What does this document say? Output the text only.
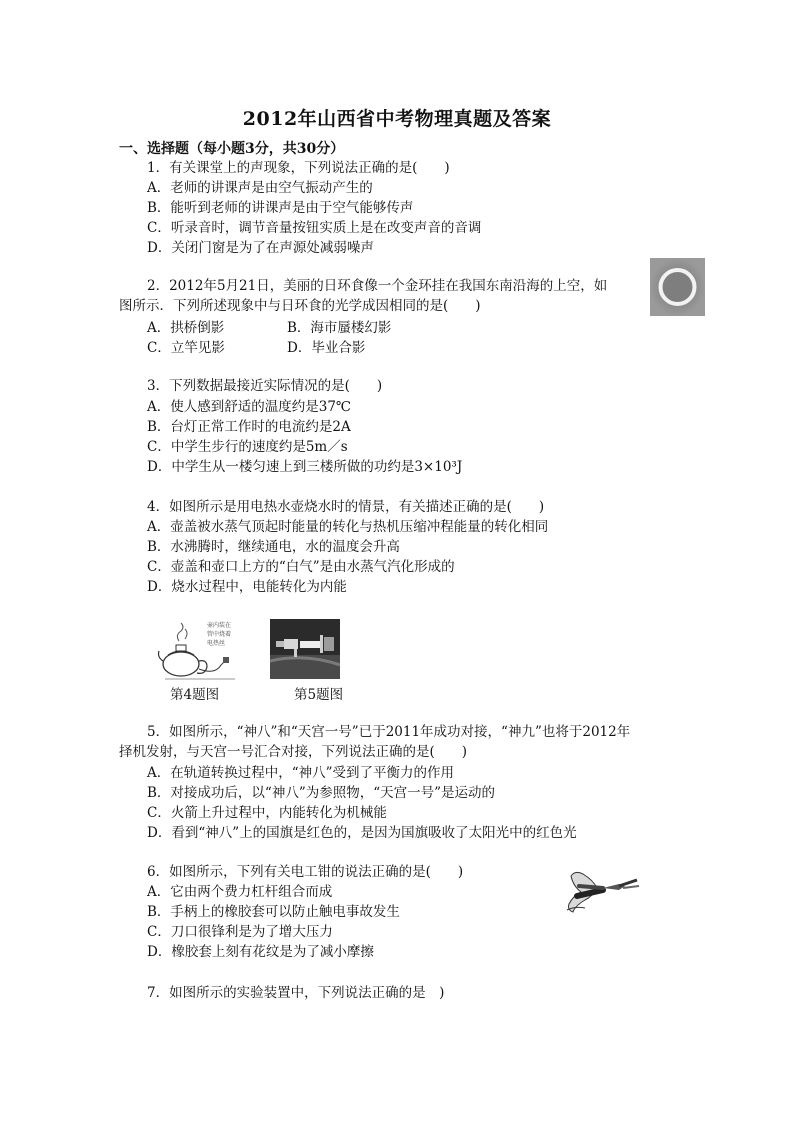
2012年山西省中考物理真题及答案
一、选择题（每小题3分，共30分）
1．有关课堂上的声现象，下列说法正确的是(　　)
A．老师的讲课声是由空气振动产生的
B．能听到老师的讲课声是由于空气能够传声
C．听录音时，调节音量按钮实质上是在改变声音的音调
D．关闭门窗是为了在声源处减弱噪声
2．2012年5月21日，美丽的日环食像一个金环挂在我国东南沿海的上空，如
图所示．下列所述现象中与日环食的光学成因相同的是(　　)
A．拱桥倒影	B．海市蜃楼幻影
C．立竿见影	D．毕业合影
3．下列数据最接近实际情况的是(　　)
A．使人感到舒适的温度约是37℃
B．台灯正常工作时的电流约是2A
C．中学生步行的速度约是5m／s
D．中学生从一楼匀速上到三楼所做的功约是3×10³J
4．如图所示是用电热水壶烧水时的情景，有关描述正确的是(　　)
A．壶盖被水蒸气顶起时能量的转化与热机压缩冲程能量的转化相同
B．水沸腾时，继续通电，水的温度会升高
C．壶盖和壶口上方的“白气”是由水蒸气汽化形成的
D．烧水过程中，电能转化为内能
壶内装在
管中烧着
电热丝
第4题图	第5题图
5．如图所示，“神八”和“天宫一号”已于2011年成功对接，“神九”也将于2012年
择机发射，与天宫一号汇合对接，下列说法正确的是(　　)
A．在轨道转换过程中，“神八”受到了平衡力的作用
B．对接成功后，以“神八”为参照物，“天宫一号”是运动的
C．火箭上升过程中，内能转化为机械能
D．看到“神八”上的国旗是红色的，是因为国旗吸收了太阳光中的红色光
6．如图所示，下列有关电工钳的说法正确的是(　　)
A．它由两个费力杠杆组合而成
B．手柄上的橡胶套可以防止触电事故发生
C．刀口很锋利是为了增大压力
D．橡胶套上刻有花纹是为了减小摩擦
7．如图所示的实验装置中，下列说法正确的是　)
